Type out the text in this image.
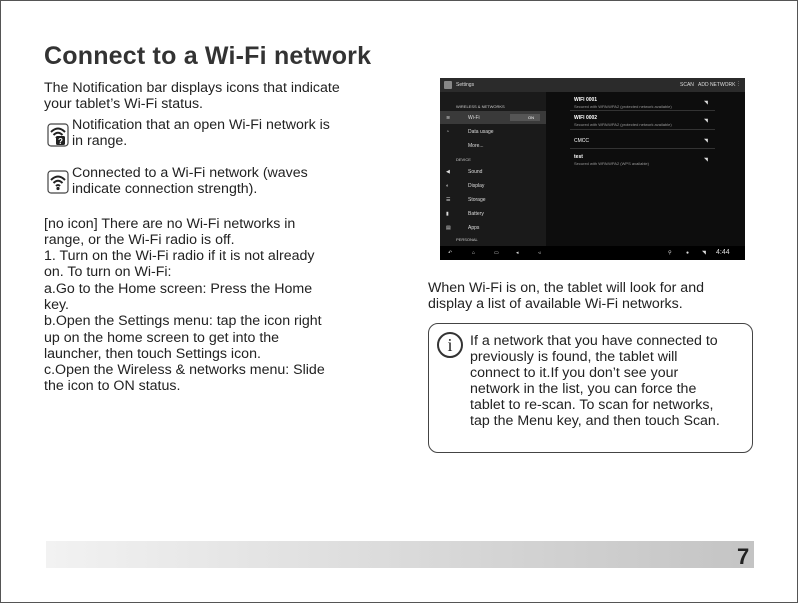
Connect to a Wi-Fi network
The Notification bar displays icons that indicate
your tablet’s Wi-Fi status.
?
Notification that an open Wi-Fi network is
in range.
Connected to a Wi-Fi network (waves
indicate connection strength).
[no icon] There are no Wi-Fi networks in
range, or the Wi-Fi radio is off.
1. Turn on the Wi-Fi radio if it is not already
on. To turn on Wi-Fi:
a.Go to the Home screen: Press the Home
key.
b.Open the Settings menu: tap the icon right
up on the home screen to get into the
launcher, then touch Settings icon.
c.Open the Wireless & networks menu: Slide
the icon to ON status.
Settings	SCAN ADD NETWORK ⋮
WIRELESS & NETWORKS
≋	Wi-Fi	ON
◔	Data usage
More...
DEVICE
◀	Sound
◐	Display
☰	Storage
▮	Battery
▤	Apps
PERSONAL
WIFI 0001
Secured with WPA/WPA2 (protected network available)
◥
WIFI 0002
Secured with WPA/WPA2 (protected network available)
◥
CMCC	◥
test
Secured with WPA/WPA2 (WPS available)
◥
↶	⌂	▭	◂	◃	⚲	●	◥ 4:44
When Wi-Fi is on, the tablet will look for and
display a list of available Wi-Fi networks.
i	If a network that you have connected to
previously is found, the tablet will
connect to it.If you don’t see your
network in the list, you can force the
tablet to re-scan. To scan for networks,
tap the Menu key, and then touch Scan.
7
